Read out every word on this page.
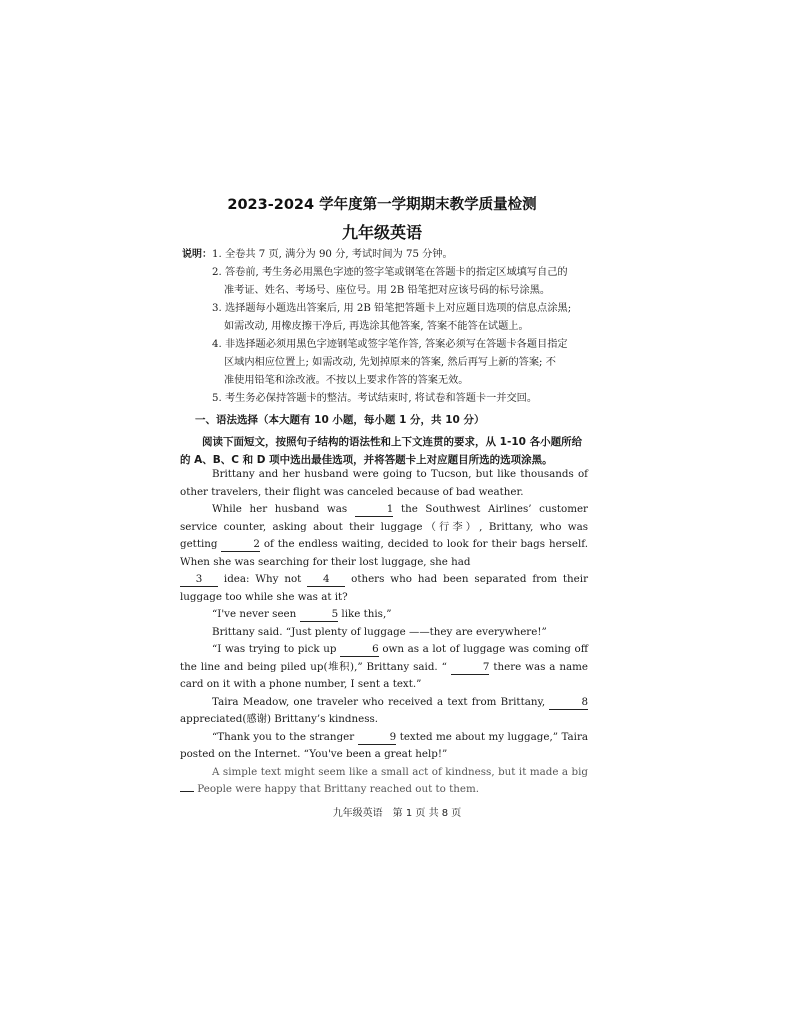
2023-2024 学年度第一学期期末教学质量检测
九年级英语
说明： 1. 全卷共 7 页, 满分为 90 分, 考试时间为 75 分钟。
2. 答卷前, 考生务必用黑色字迹的签字笔或钢笔在答题卡的指定区域填写自己的
准考证、姓名、考场号、座位号。用 2B 铅笔把对应该号码的标号涂黑。
3. 选择题每小题选出答案后, 用 2B 铅笔把答题卡上对应题目选项的信息点涂黑;
如需改动, 用橡皮擦干净后, 再选涂其他答案, 答案不能答在试题上。
4. 非选择题必须用黑色字迹钢笔或签字笔作答, 答案必须写在答题卡各题目指定
区域内相应位置上; 如需改动, 先划掉原来的答案, 然后再写上新的答案; 不
准使用铅笔和涂改液。不按以上要求作答的答案无效。
5. 考生务必保持答题卡的整洁。考试结束时, 将试卷和答题卡一并交回。
一、语法选择（本大题有 10 小题，每小题 1 分，共 10 分）
阅读下面短文，按照句子结构的语法性和上下文连贯的要求，从 1-10 各小题所给的 A、B、C 和 D 项中选出最佳选项，并将答题卡上对应题目所选的选项涂黑。

Brittany and her husband were going to Tucson, but like thousands of other travelers, their flight was canceled because of bad weather.

While her husband was	1 the Southwest Airlines’ customer service counter, asking about their luggage（行李）, Brittany, who was getting	2 of the endless waiting, decided to look for their bags herself. When she was searching for their lost luggage, she had

3 idea: Why not 4 others who had been separated from their luggage too while she was at it?

“I've never seen	5 like this,”

Brittany said. “Just plenty of luggage ——they are everywhere!”

“I was trying to pick up	6 own as a lot of luggage was coming off the line and being piled up(堆积),” Brittany said. “	7 there was a name card on it with a phone number, I sent a text.”

Taira Meadow, one traveler who received a text from Brittany,	8 appreciated(感谢) Brittany’s kindness.

“Thank you to the stranger	9 texted me about my luggage,” Taira posted on the Internet. “You've been a great help!”

A simple text might seem like a small act of kindness, but it made a big  People were happy that Brittany reached out to them.

九年级英语　第 1 页 共 8 页
